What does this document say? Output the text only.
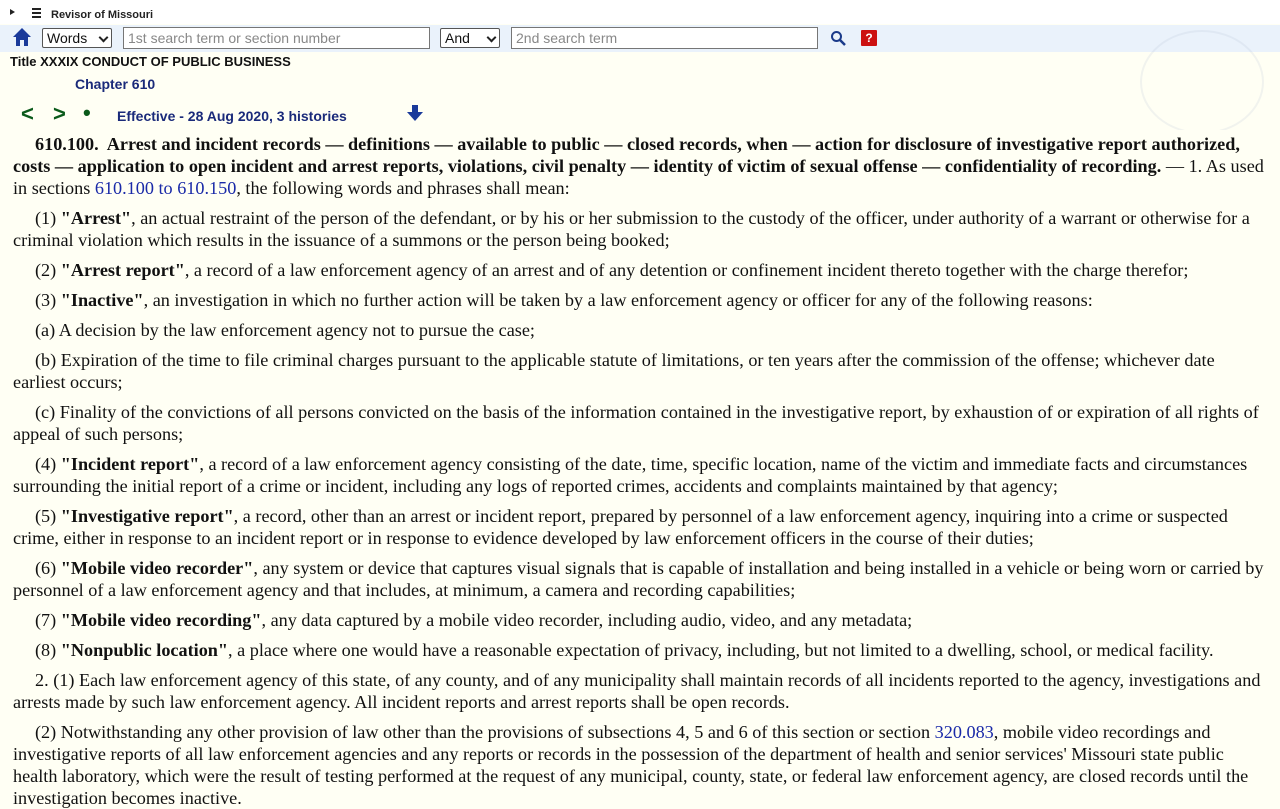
Revisor of Missouri
Words	1st search term or section number	And	2nd search term	?
Title XXXIX CONDUCT OF PUBLIC BUSINESS
Chapter 610
< > • Effective - 28 Aug 2020, 3 histories

610.100. Arrest and incident records — definitions — available to public — closed records, when — action for disclosure of investigative report authorized, costs — application to open incident and arrest reports, violations, civil penalty — identity of victim of sexual offense — confidentiality of recording. — 1. As used in sections 610.100 to 610.150, the following words and phrases shall mean:

(1) "Arrest", an actual restraint of the person of the defendant, or by his or her submission to the custody of the officer, under authority of a warrant or otherwise for a criminal violation which results in the issuance of a summons or the person being booked;

(2) "Arrest report", a record of a law enforcement agency of an arrest and of any detention or confinement incident thereto together with the charge therefor;

(3) "Inactive", an investigation in which no further action will be taken by a law enforcement agency or officer for any of the following reasons:

(a) A decision by the law enforcement agency not to pursue the case;

(b) Expiration of the time to file criminal charges pursuant to the applicable statute of limitations, or ten years after the commission of the offense; whichever date earliest occurs;

(c) Finality of the convictions of all persons convicted on the basis of the information contained in the investigative report, by exhaustion of or expiration of all rights of appeal of such persons;

(4) "Incident report", a record of a law enforcement agency consisting of the date, time, specific location, name of the victim and immediate facts and circumstances surrounding the initial report of a crime or incident, including any logs of reported crimes, accidents and complaints maintained by that agency;

(5) "Investigative report", a record, other than an arrest or incident report, prepared by personnel of a law enforcement agency, inquiring into a crime or suspected crime, either in response to an incident report or in response to evidence developed by law enforcement officers in the course of their duties;

(6) "Mobile video recorder", any system or device that captures visual signals that is capable of installation and being installed in a vehicle or being worn or carried by personnel of a law enforcement agency and that includes, at minimum, a camera and recording capabilities;

(7) "Mobile video recording", any data captured by a mobile video recorder, including audio, video, and any metadata;

(8) "Nonpublic location", a place where one would have a reasonable expectation of privacy, including, but not limited to a dwelling, school, or medical facility.

2. (1) Each law enforcement agency of this state, of any county, and of any municipality shall maintain records of all incidents reported to the agency, investigations and arrests made by such law enforcement agency. All incident reports and arrest reports shall be open records.

(2) Notwithstanding any other provision of law other than the provisions of subsections 4, 5 and 6 of this section or section 320.083, mobile video recordings and investigative reports of all law enforcement agencies and any reports or records in the possession of the department of health and senior services' Missouri state public health laboratory, which were the result of testing performed at the request of any municipal, county, state, or federal law enforcement agency, are closed records until the investigation becomes inactive.
